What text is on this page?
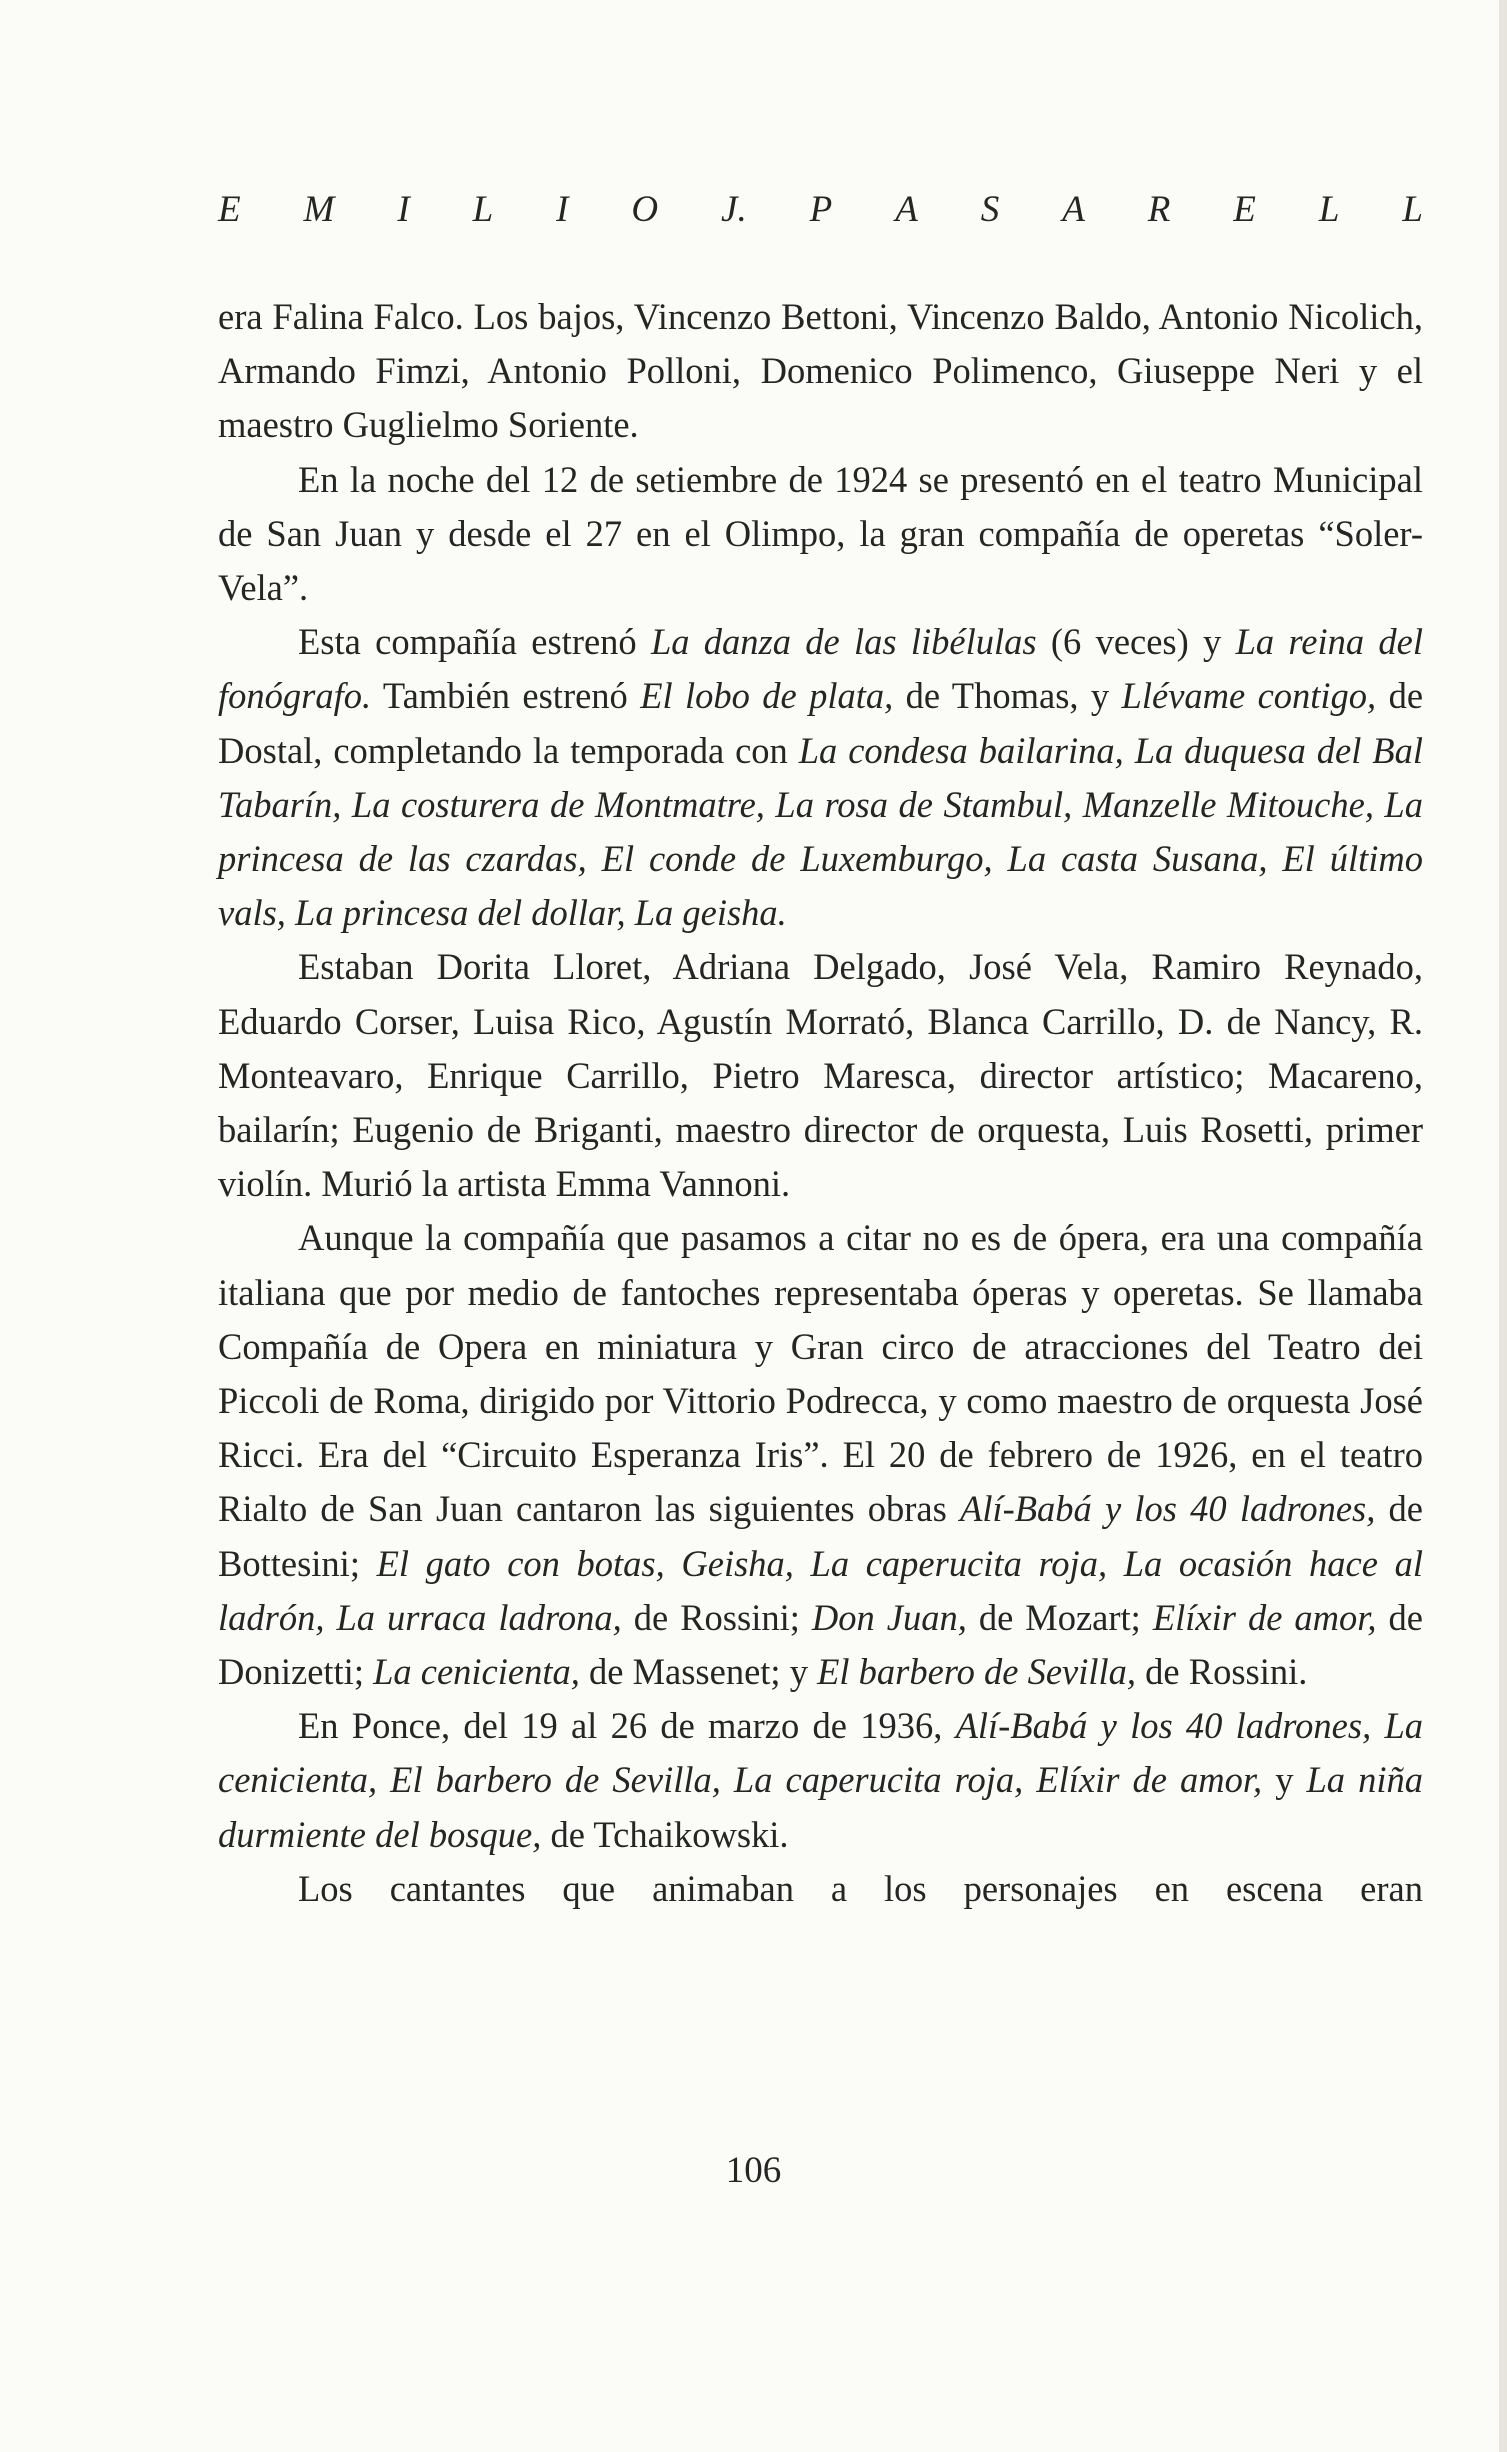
E M I L I O J. P A S A R E L L

era Falina Falco. Los bajos, Vincenzo Bettoni, Vincenzo Baldo, Antonio Nicolich, Armando Fimzi, Antonio Polloni, Domenico Polimenco, Giuseppe Neri y el maestro Guglielmo Soriente.

En la noche del 12 de setiembre de 1924 se presentó en el teatro Municipal de San Juan y desde el 27 en el Olimpo, la gran compañía de operetas “Soler-Vela”.

Esta compañía estrenó La danza de las libélulas (6 veces) y La reina del fonógrafo. También estrenó El lobo de plata, de Thomas, y Llévame contigo, de Dostal, completando la temporada con La condesa bailarina, La duquesa del Bal Tabarín, La costurera de Montmatre, La rosa de Stambul, Manzelle Mitouche, La princesa de las czardas, El conde de Luxemburgo, La casta Susana, El último vals, La princesa del dollar, La geisha.

Estaban Dorita Lloret, Adriana Delgado, José Vela, Ramiro Reynado, Eduardo Corser, Luisa Rico, Agustín Morrató, Blanca Carrillo, D. de Nancy, R. Monteavaro, Enrique Carrillo, Pietro Maresca, director artístico; Macareno, bailarín; Eugenio de Briganti, maestro director de orquesta, Luis Rosetti, primer violín. Murió la artista Emma Vannoni.

Aunque la compañía que pasamos a citar no es de ópera, era una compañía italiana que por medio de fantoches representaba óperas y operetas. Se llamaba Compañía de Opera en miniatura y Gran circo de atracciones del Teatro dei Piccoli de Roma, dirigido por Vittorio Podrecca, y como maestro de orquesta José Ricci. Era del “Circuito Esperanza Iris”. El 20 de febrero de 1926, en el teatro Rialto de San Juan cantaron las siguientes obras Alí-Babá y los 40 ladrones, de Bottesini; El gato con botas, Geisha, La caperucita roja, La ocasión hace al ladrón, La urraca ladrona, de Rossini; Don Juan, de Mozart; Elíxir de amor, de Donizetti; La cenicienta, de Massenet; y El barbero de Sevilla, de Rossini.

En Ponce, del 19 al 26 de marzo de 1936, Alí-Babá y los 40 ladrones, La cenicienta, El barbero de Sevilla, La caperucita roja, Elíxir de amor, y La niña durmiente del bosque, de Tchaikowski.

Los cantantes que animaban a los personajes en escena eran

106
